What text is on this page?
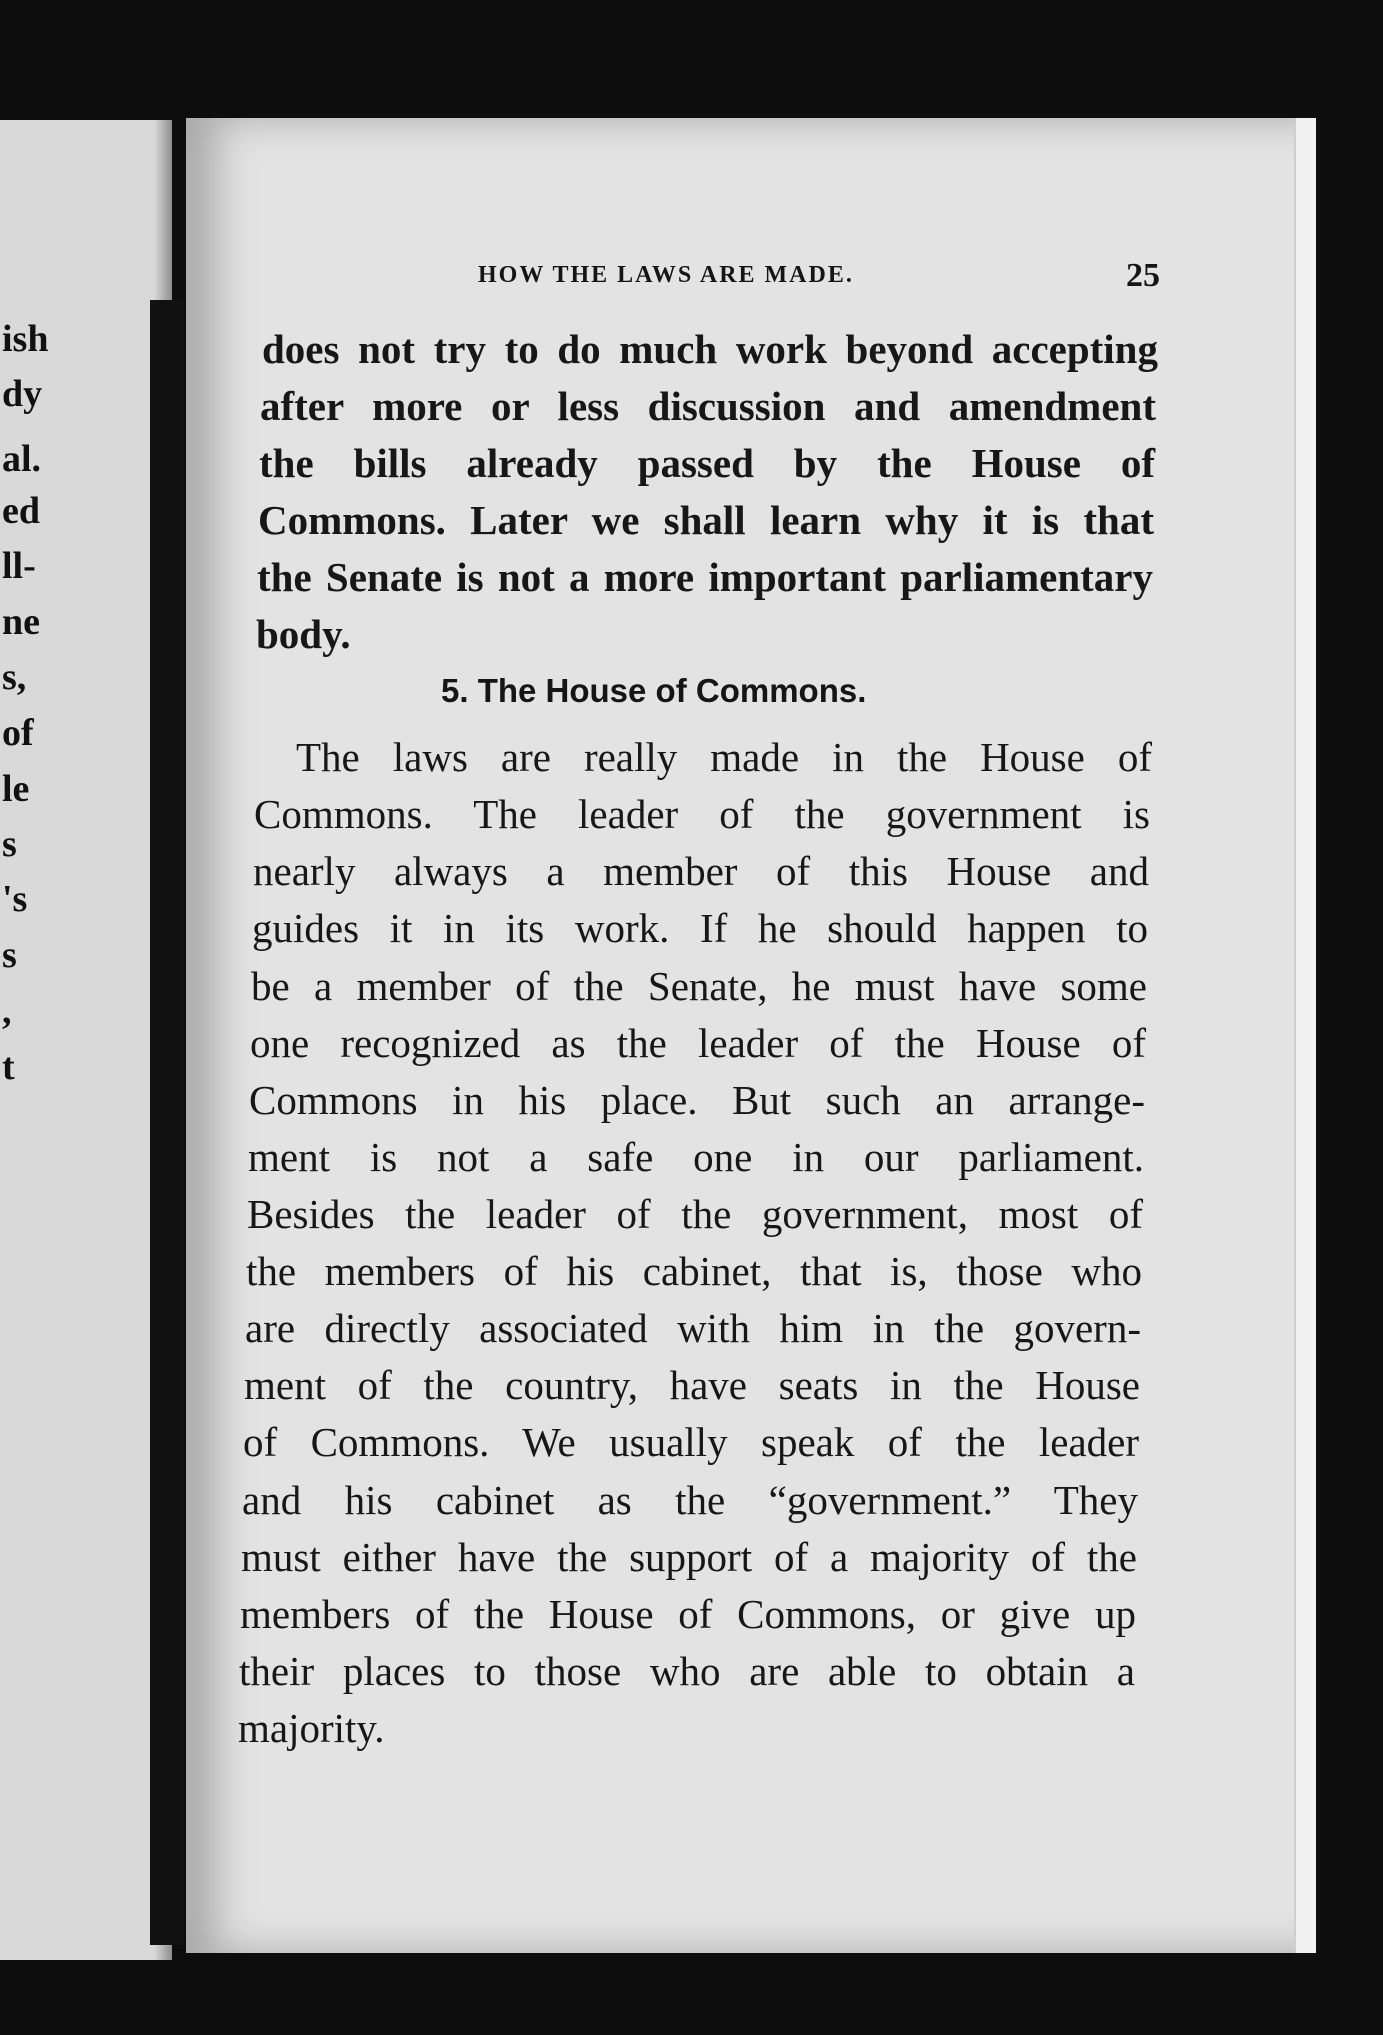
ish
dy
al.
ed
ll-
ne
s,
of
le
s
's
s
,
t
HOW THE LAWS ARE MADE.	25
does not try to do much work beyond accepting
after more or less discussion and amendment
the bills already passed by the House of
Commons. Later we shall learn why it is that
the Senate is not a more important parliamentary
body.
5. The House of Commons.
The laws are really made in the House of
Commons. The leader of the government is
nearly always a member of this House and
guides it in its work. If he should happen to
be a member of the Senate, he must have some
one recognized as the leader of the House of
Commons in his place. But such an arrange-
ment is not a safe one in our parliament.
Besides the leader of the government, most of
the members of his cabinet, that is, those who
are directly associated with him in the govern-
ment of the country, have seats in the House
of Commons. We usually speak of the leader
and his cabinet as the “government.” They
must either have the support of a majority of the
members of the House of Commons, or give up
their places to those who are able to obtain a
majority.
